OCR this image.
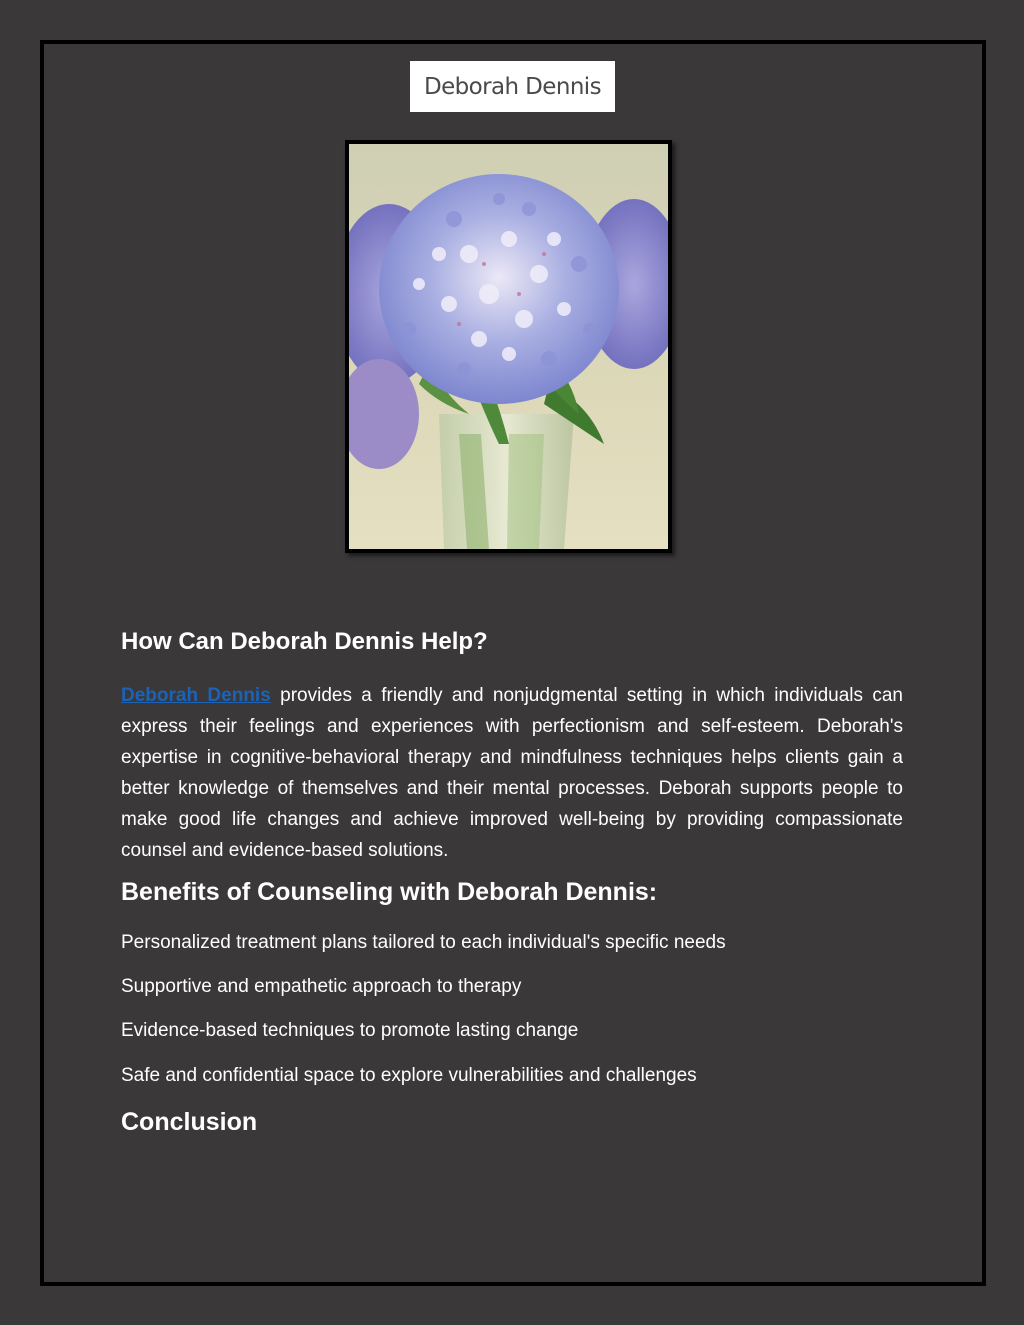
Deborah Dennis
How Can Deborah Dennis Help?

Deborah Dennis provides a friendly and nonjudgmental setting in which individuals can express their feelings and experiences with perfectionism and self-esteem. Deborah's expertise in cognitive-behavioral therapy and mindfulness techniques helps clients gain a better knowledge of themselves and their mental processes. Deborah supports people to make good life changes and achieve improved well-being by providing compassionate counsel and evidence-based solutions.

Benefits of Counseling with Deborah Dennis:

Personalized treatment plans tailored to each individual's specific needs

Supportive and empathetic approach to therapy

Evidence-based techniques to promote lasting change

Safe and confidential space to explore vulnerabilities and challenges

Conclusion
